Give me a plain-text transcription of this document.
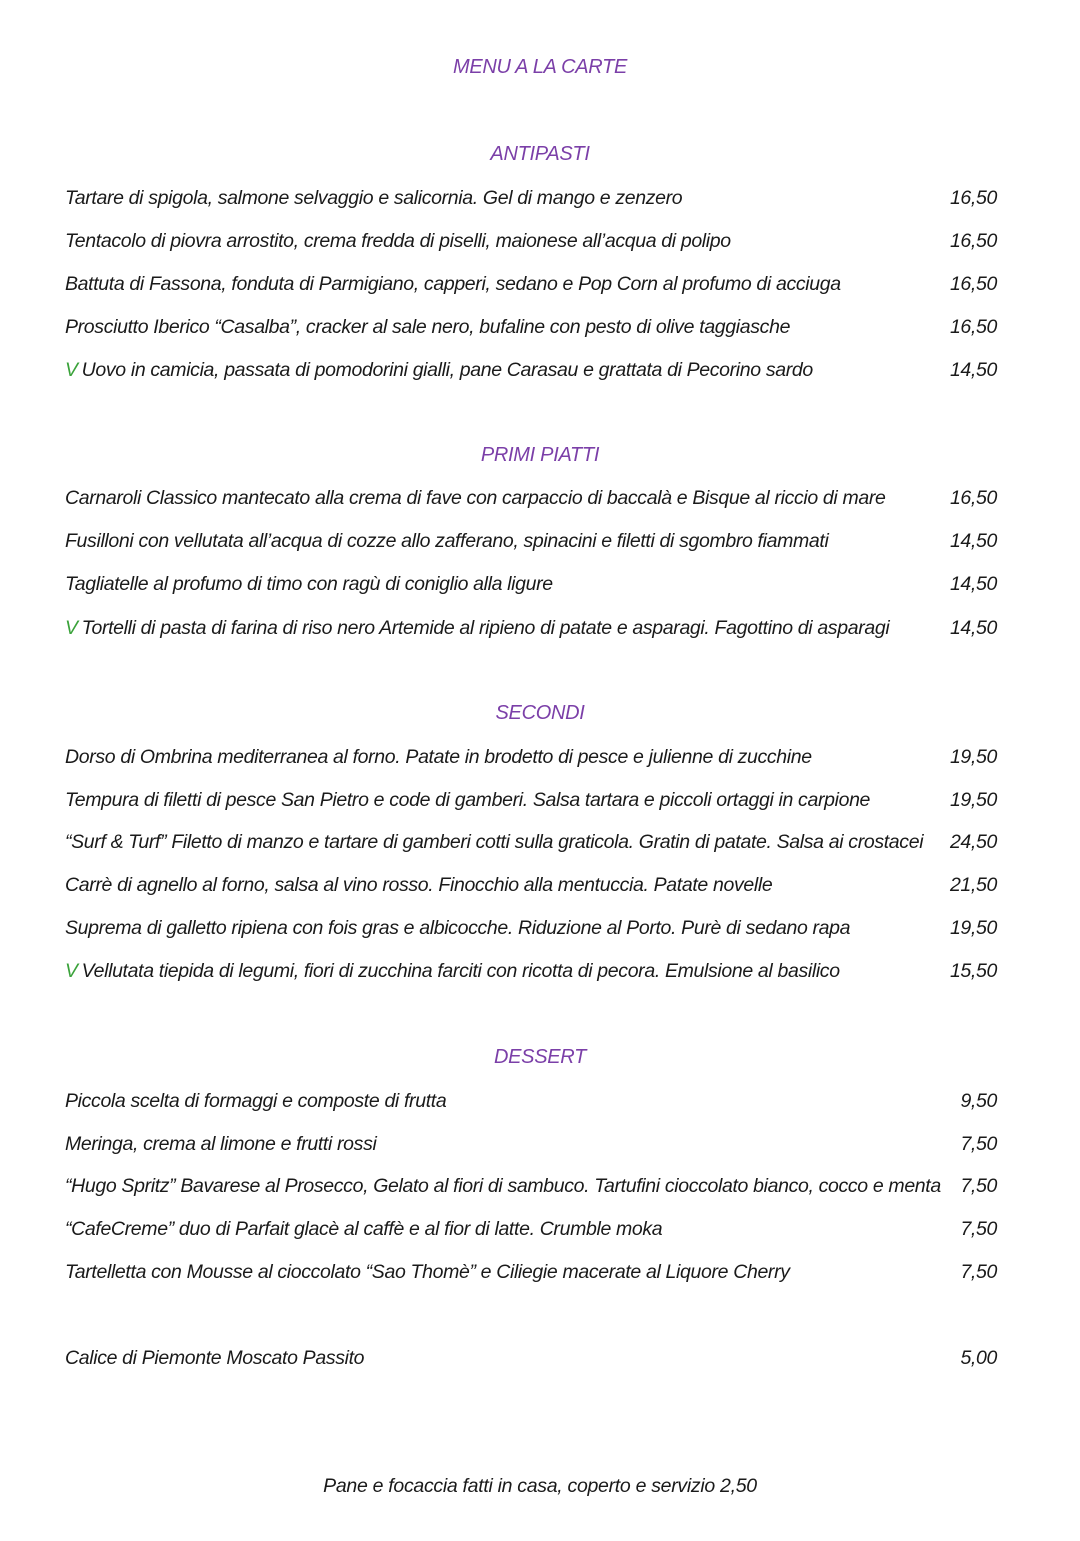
MENU A LA CARTE
ANTIPASTI
Tartare di spigola, salmone selvaggio e salicornia. Gel di mango e zenzero	16,50
Tentacolo di piovra arrostito, crema fredda di piselli, maionese all’acqua di polipo	16,50
Battuta di Fassona, fonduta di Parmigiano, capperi, sedano e Pop Corn al profumo di acciuga	16,50
Prosciutto Iberico “Casalba”, cracker al sale nero, bufaline con pesto di olive taggiasche	16,50
V Uovo in camicia, passata di pomodorini gialli, pane Carasau e grattata di Pecorino sardo	14,50
PRIMI PIATTI
Carnaroli Classico mantecato alla crema di fave con carpaccio di baccalà e Bisque al riccio di mare	16,50
Fusilloni con vellutata all’acqua di cozze allo zafferano, spinacini e filetti di sgombro fiammati	14,50
Tagliatelle al profumo di timo con ragù di coniglio alla ligure	14,50
V Tortelli di pasta di farina di riso nero Artemide al ripieno di patate e asparagi. Fagottino di asparagi	14,50
SECONDI
Dorso di Ombrina mediterranea al forno. Patate in brodetto di pesce e julienne di zucchine	19,50
Tempura di filetti di pesce San Pietro e code di gamberi. Salsa tartara e piccoli ortaggi in carpione	19,50
“Surf & Turf” Filetto di manzo e tartare di gamberi cotti sulla graticola. Gratin di patate. Salsa ai crostacei 24,50
Carrè di agnello al forno, salsa al vino rosso. Finocchio alla mentuccia. Patate novelle	21,50
Suprema di galletto ripiena con fois gras e albicocche. Riduzione al Porto. Purè di sedano rapa	19,50
V Vellutata tiepida di legumi, fiori di zucchina farciti con ricotta di pecora. Emulsione al basilico	15,50
DESSERT
Piccola scelta di formaggi e composte di frutta	9,50
Meringa, crema al limone e frutti rossi	7,50
“Hugo Spritz” Bavarese al Prosecco, Gelato al fiori di sambuco. Tartufini cioccolato bianco, cocco e menta 7,50
“CafeCreme” duo di Parfait glacè al caffè e al fior di latte. Crumble moka	7,50
Tartelletta con Mousse al cioccolato “Sao Thomè” e Ciliegie macerate al Liquore Cherry	7,50
Calice di Piemonte Moscato Passito	5,00
Pane e focaccia fatti in casa, coperto e servizio 2,50
